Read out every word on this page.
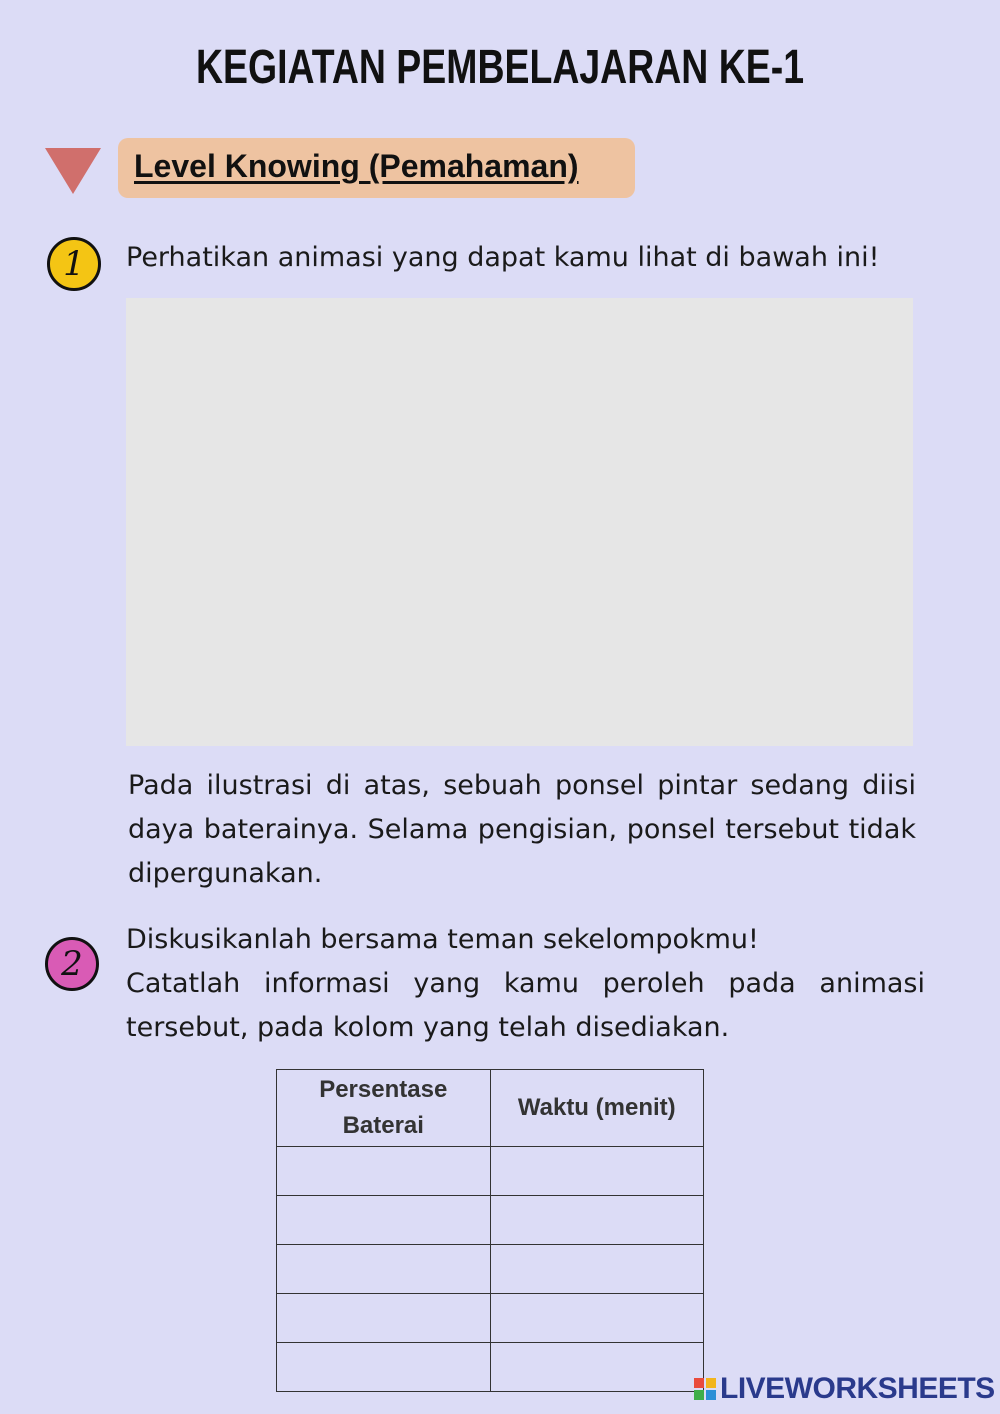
KEGIATAN PEMBELAJARAN KE-1
Level Knowing (Pemahaman)
1	Perhatikan animasi yang dapat kamu lihat di bawah ini!
Pada ilustrasi di atas, sebuah ponsel pintar sedang diisi daya baterainya. Selama pengisian, ponsel tersebut tidak dipergunakan.
2
Diskusikanlah bersama teman sekelompokmu!
Catatlah informasi yang kamu peroleh pada animasi
tersebut, pada kolom yang telah disediakan.
Persentase Baterai	Waktu (menit)

LIVEWORKSHEETS
